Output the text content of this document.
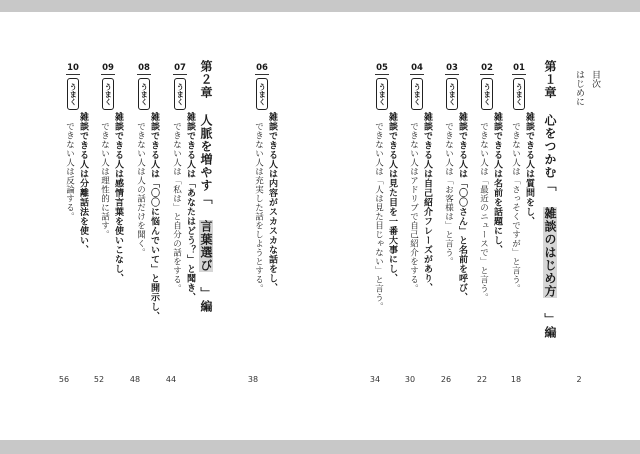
目次
はじめに
2
第１章 心をつかむ「 雑談のはじめ方 」編
第２章 人脈を増やす「 言葉選び 」編
01
うまく
雑談できる人は質問をし、
できない人は「さっそくですが」と言う。
18
02
うまく
雑談できる人は名前を話題にし、
できない人は「最近のニュースで」と言う。
22
03
うまく
雑談できる人は「〇〇さん」と名前を呼び、
できない人は「お客様は」と言う。
26
04
うまく
雑談できる人は自己紹介フレーズがあり、
できない人はアドリブで自己紹介をする。
30
05
うまく
雑談できる人は見た目を一番大事にし、
できない人は「人は見た目じゃない」と言う。
34
06
うまく
雑談できる人は内容がスカスカな話をし、
できない人は充実した話をしようとする。
38
07
うまく
雑談できる人は「あなたはどう？」と聞き、
できない人は「私は」と自分の話をする。
44
08
うまく
雑談できる人は「〇〇に悩んでいて」と開示し、
できない人は人の話だけを聞く。
48
09
うまく
雑談できる人は感情言葉を使いこなし、
できない人は理性的に話す。
52
10
うまく
雑談できる人は分離話法を使い、
できない人は反論する。
56
